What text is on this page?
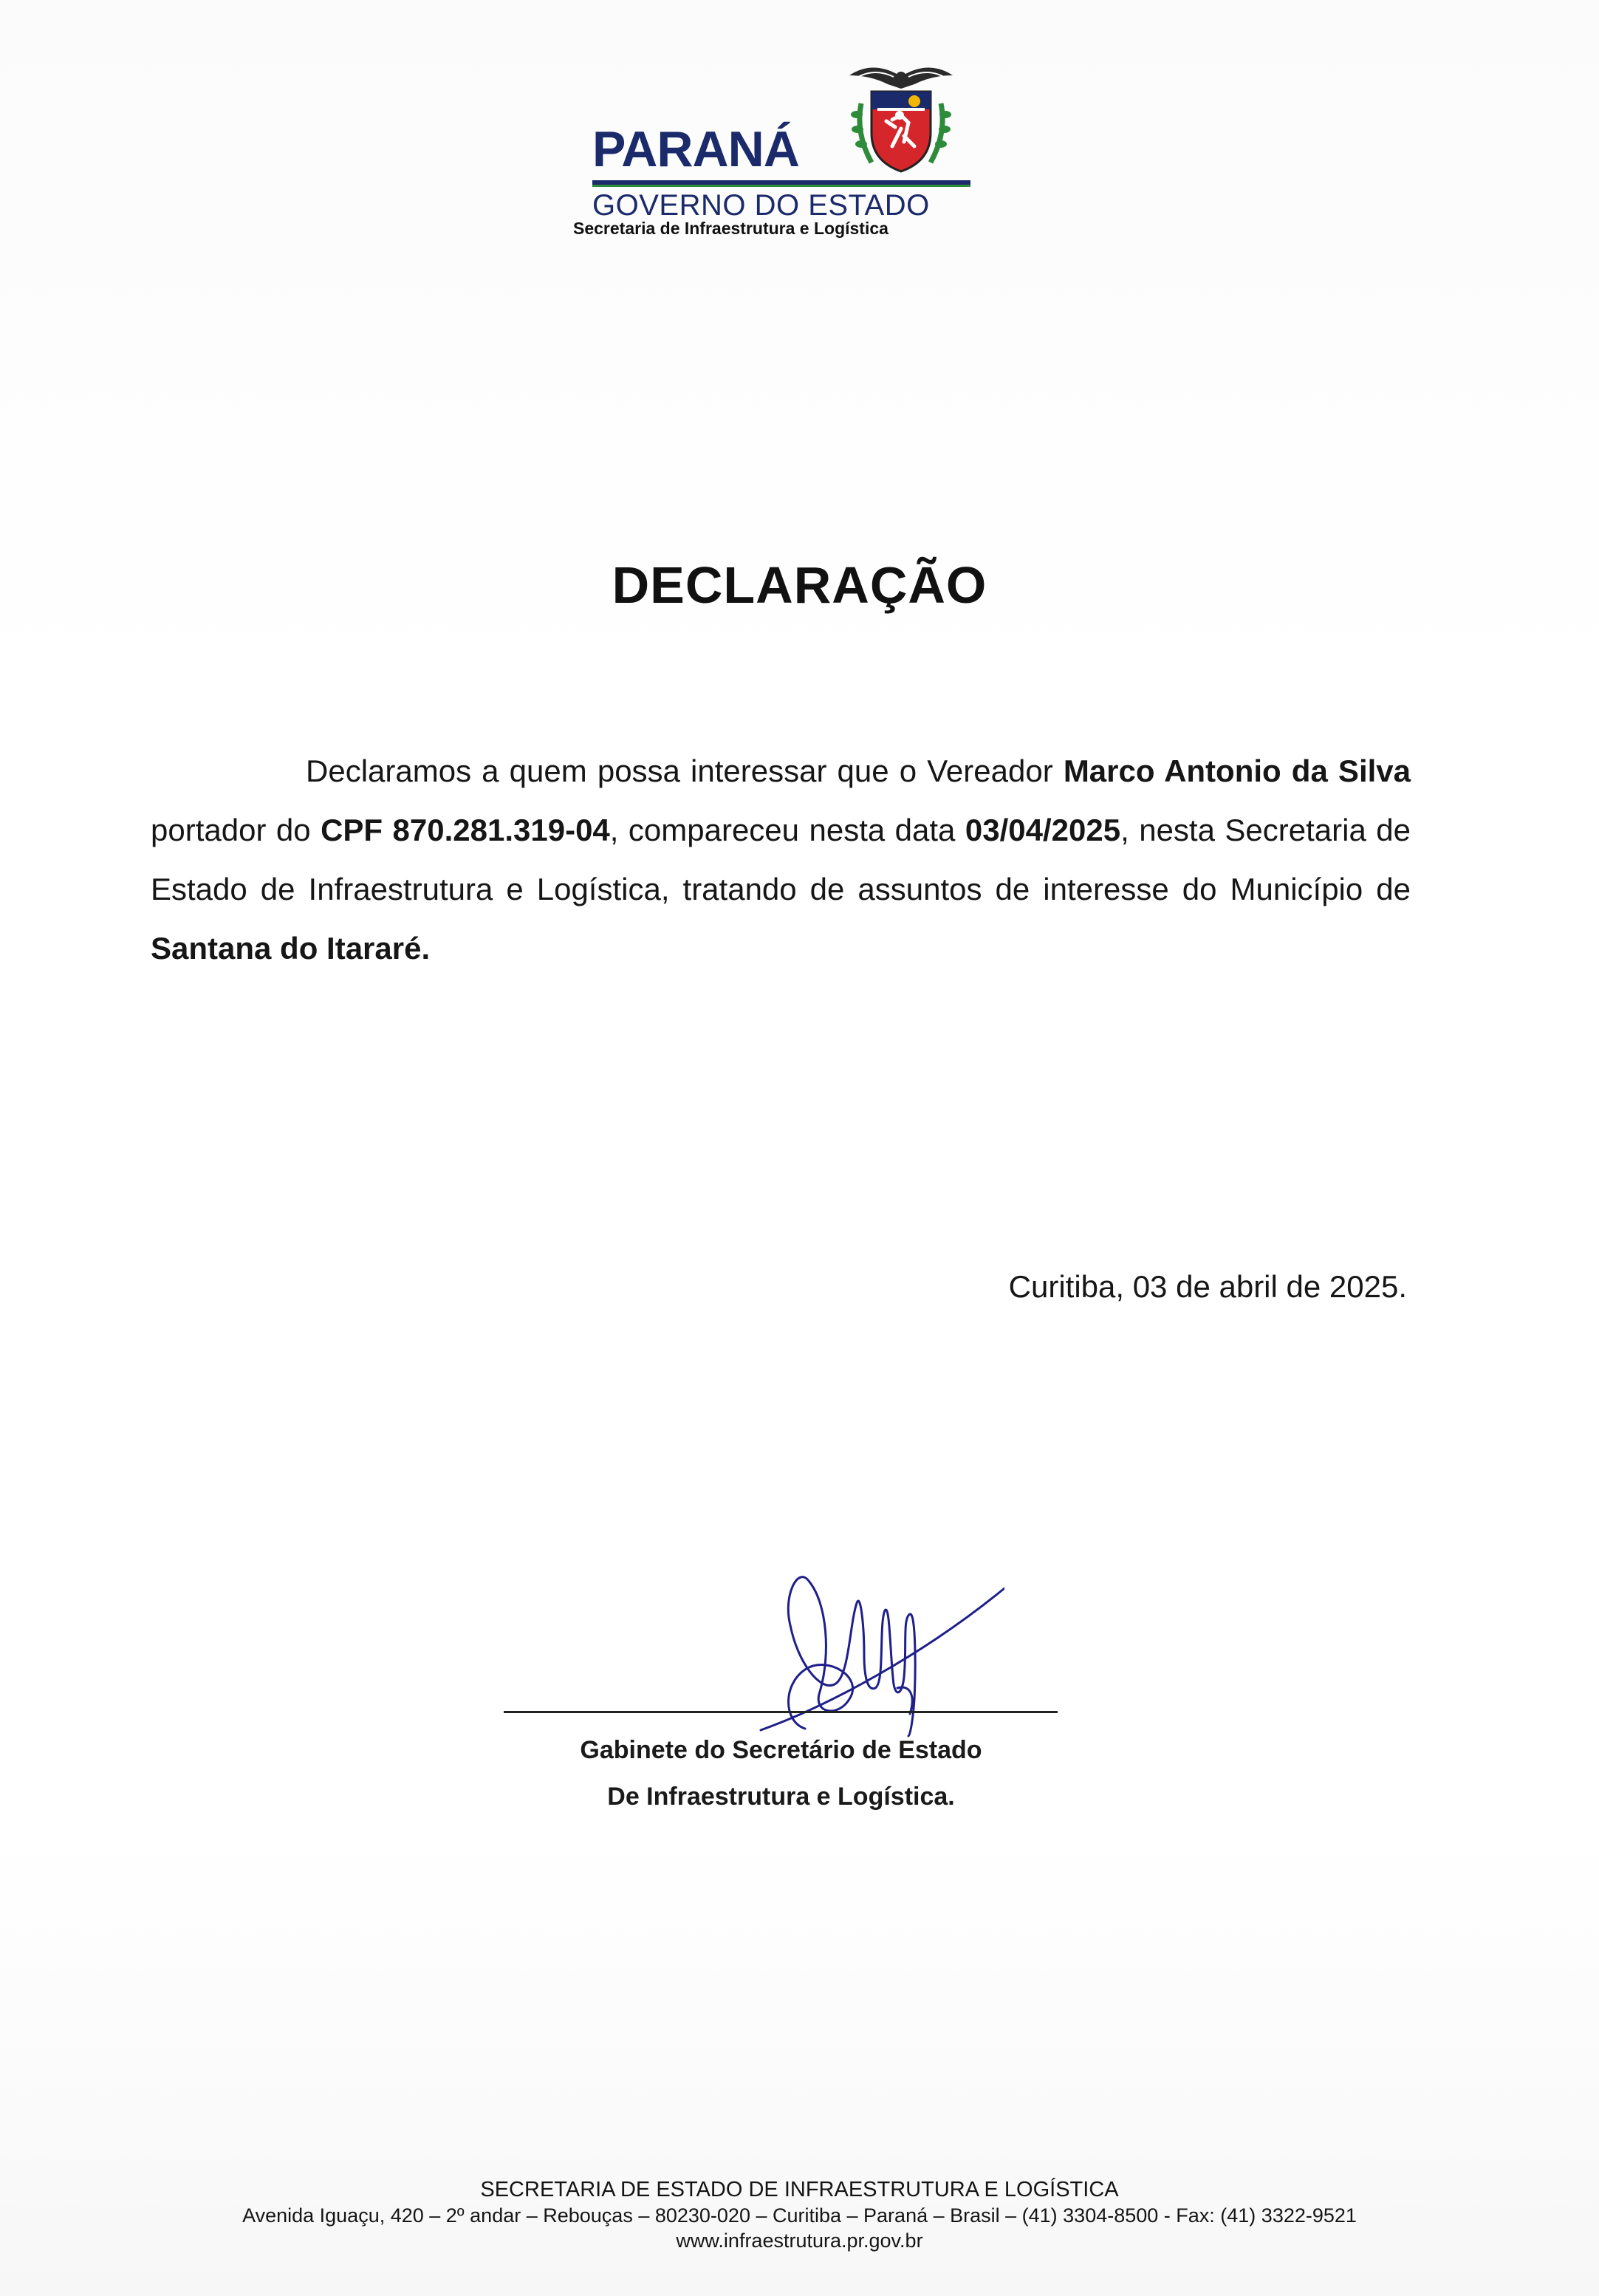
PARANÁ
GOVERNO DO ESTADO
Secretaria de Infraestrutura e Logística
DECLARAÇÃO
Declaramos a quem possa interessar que o Vereador Marco Antonio da Silva portador do CPF 870.281.319-04, compareceu nesta data 03/04/2025, nesta Secretaria de Estado de Infraestrutura e Logística, tratando de assuntos de interesse do Município de Santana do Itararé.
Curitiba, 03 de abril de 2025.
Gabinete do Secretário de Estado
De Infraestrutura e Logística.
SECRETARIA DE ESTADO DE INFRAESTRUTURA E LOGÍSTICA
Avenida Iguaçu, 420 – 2º andar – Rebouças – 80230-020 – Curitiba – Paraná – Brasil – (41) 3304-8500 - Fax: (41) 3322-9521
www.infraestrutura.pr.gov.br
